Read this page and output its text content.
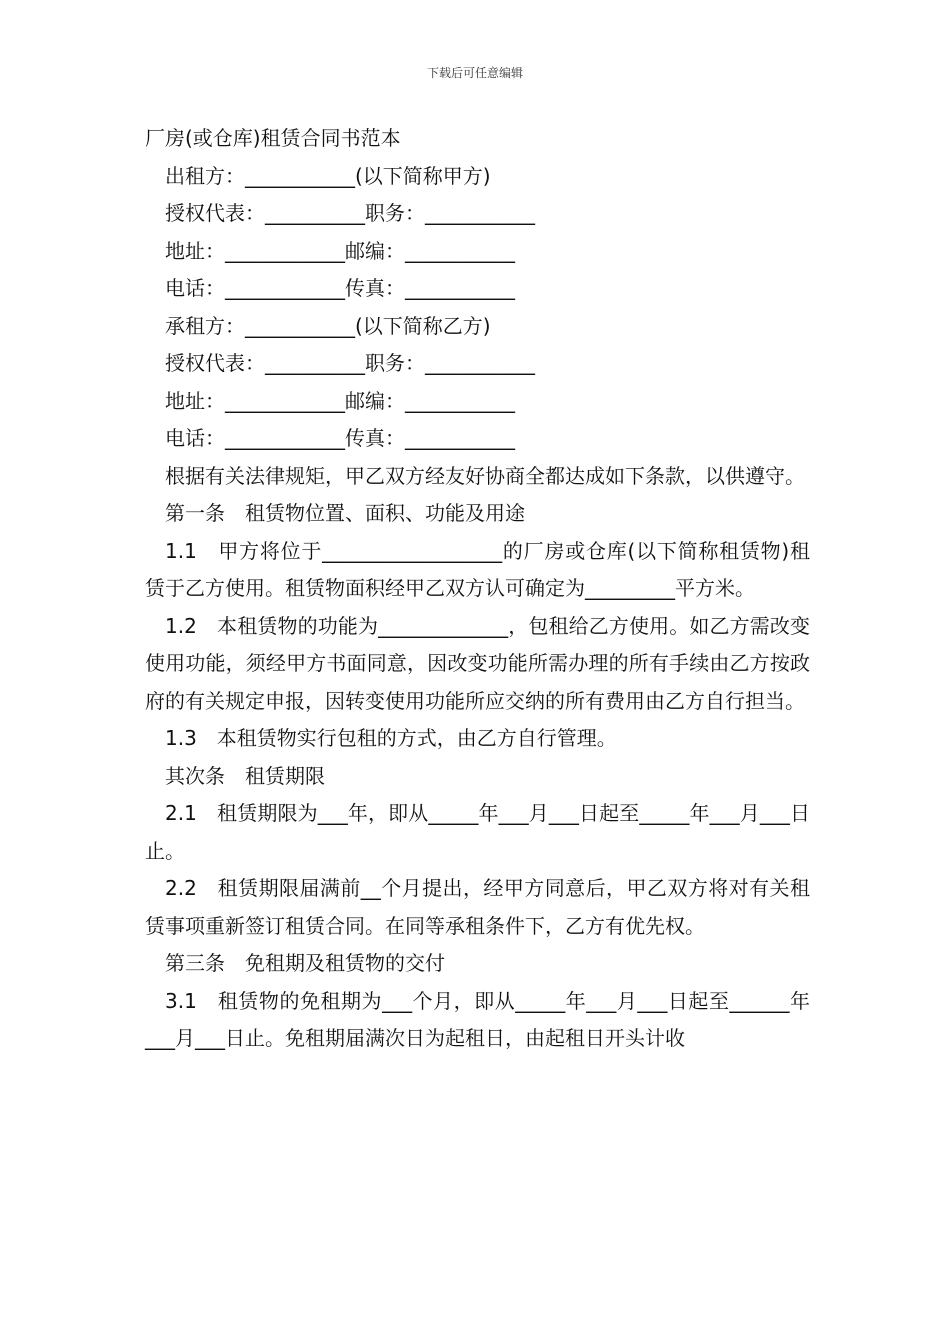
下载后可任意编辑
厂房(或仓库)租赁合同书范本
出租方：___________(以下简称甲方)
授权代表：__________职务：___________
地址：____________邮编：___________
电话：____________传真：___________
承租方：___________(以下简称乙方)
授权代表：__________职务：___________
地址：____________邮编：___________
电话：____________传真：___________
根据有关法律规矩，甲乙双方经友好协商全都达成如下条款，以供遵守。
第一条　租赁物位置、面积、功能及用途
1.1　甲方将位于__________________的厂房或仓库(以下简称租赁物)租赁于乙方使用。租赁物面积经甲乙双方认可确定为_________平方米。
1.2　本租赁物的功能为_____________，包租给乙方使用。如乙方需改变使用功能，须经甲方书面同意，因改变功能所需办理的所有手续由乙方按政府的有关规定申报，因转变使用功能所应交纳的所有费用由乙方自行担当。
1.3　本租赁物实行包租的方式，由乙方自行管理。
其次条　租赁期限
2.1　租赁期限为___年，即从_____年___月___日起至_____年___月___日止。
2.2　租赁期限届满前__个月提出，经甲方同意后，甲乙双方将对有关租赁事项重新签订租赁合同。在同等承租条件下，乙方有优先权。
第三条　免租期及租赁物的交付
3.1　租赁物的免租期为___个月，即从_____年___月___日起至______年___月___日止。免租期届满次日为起租日，由起租日开头计收
